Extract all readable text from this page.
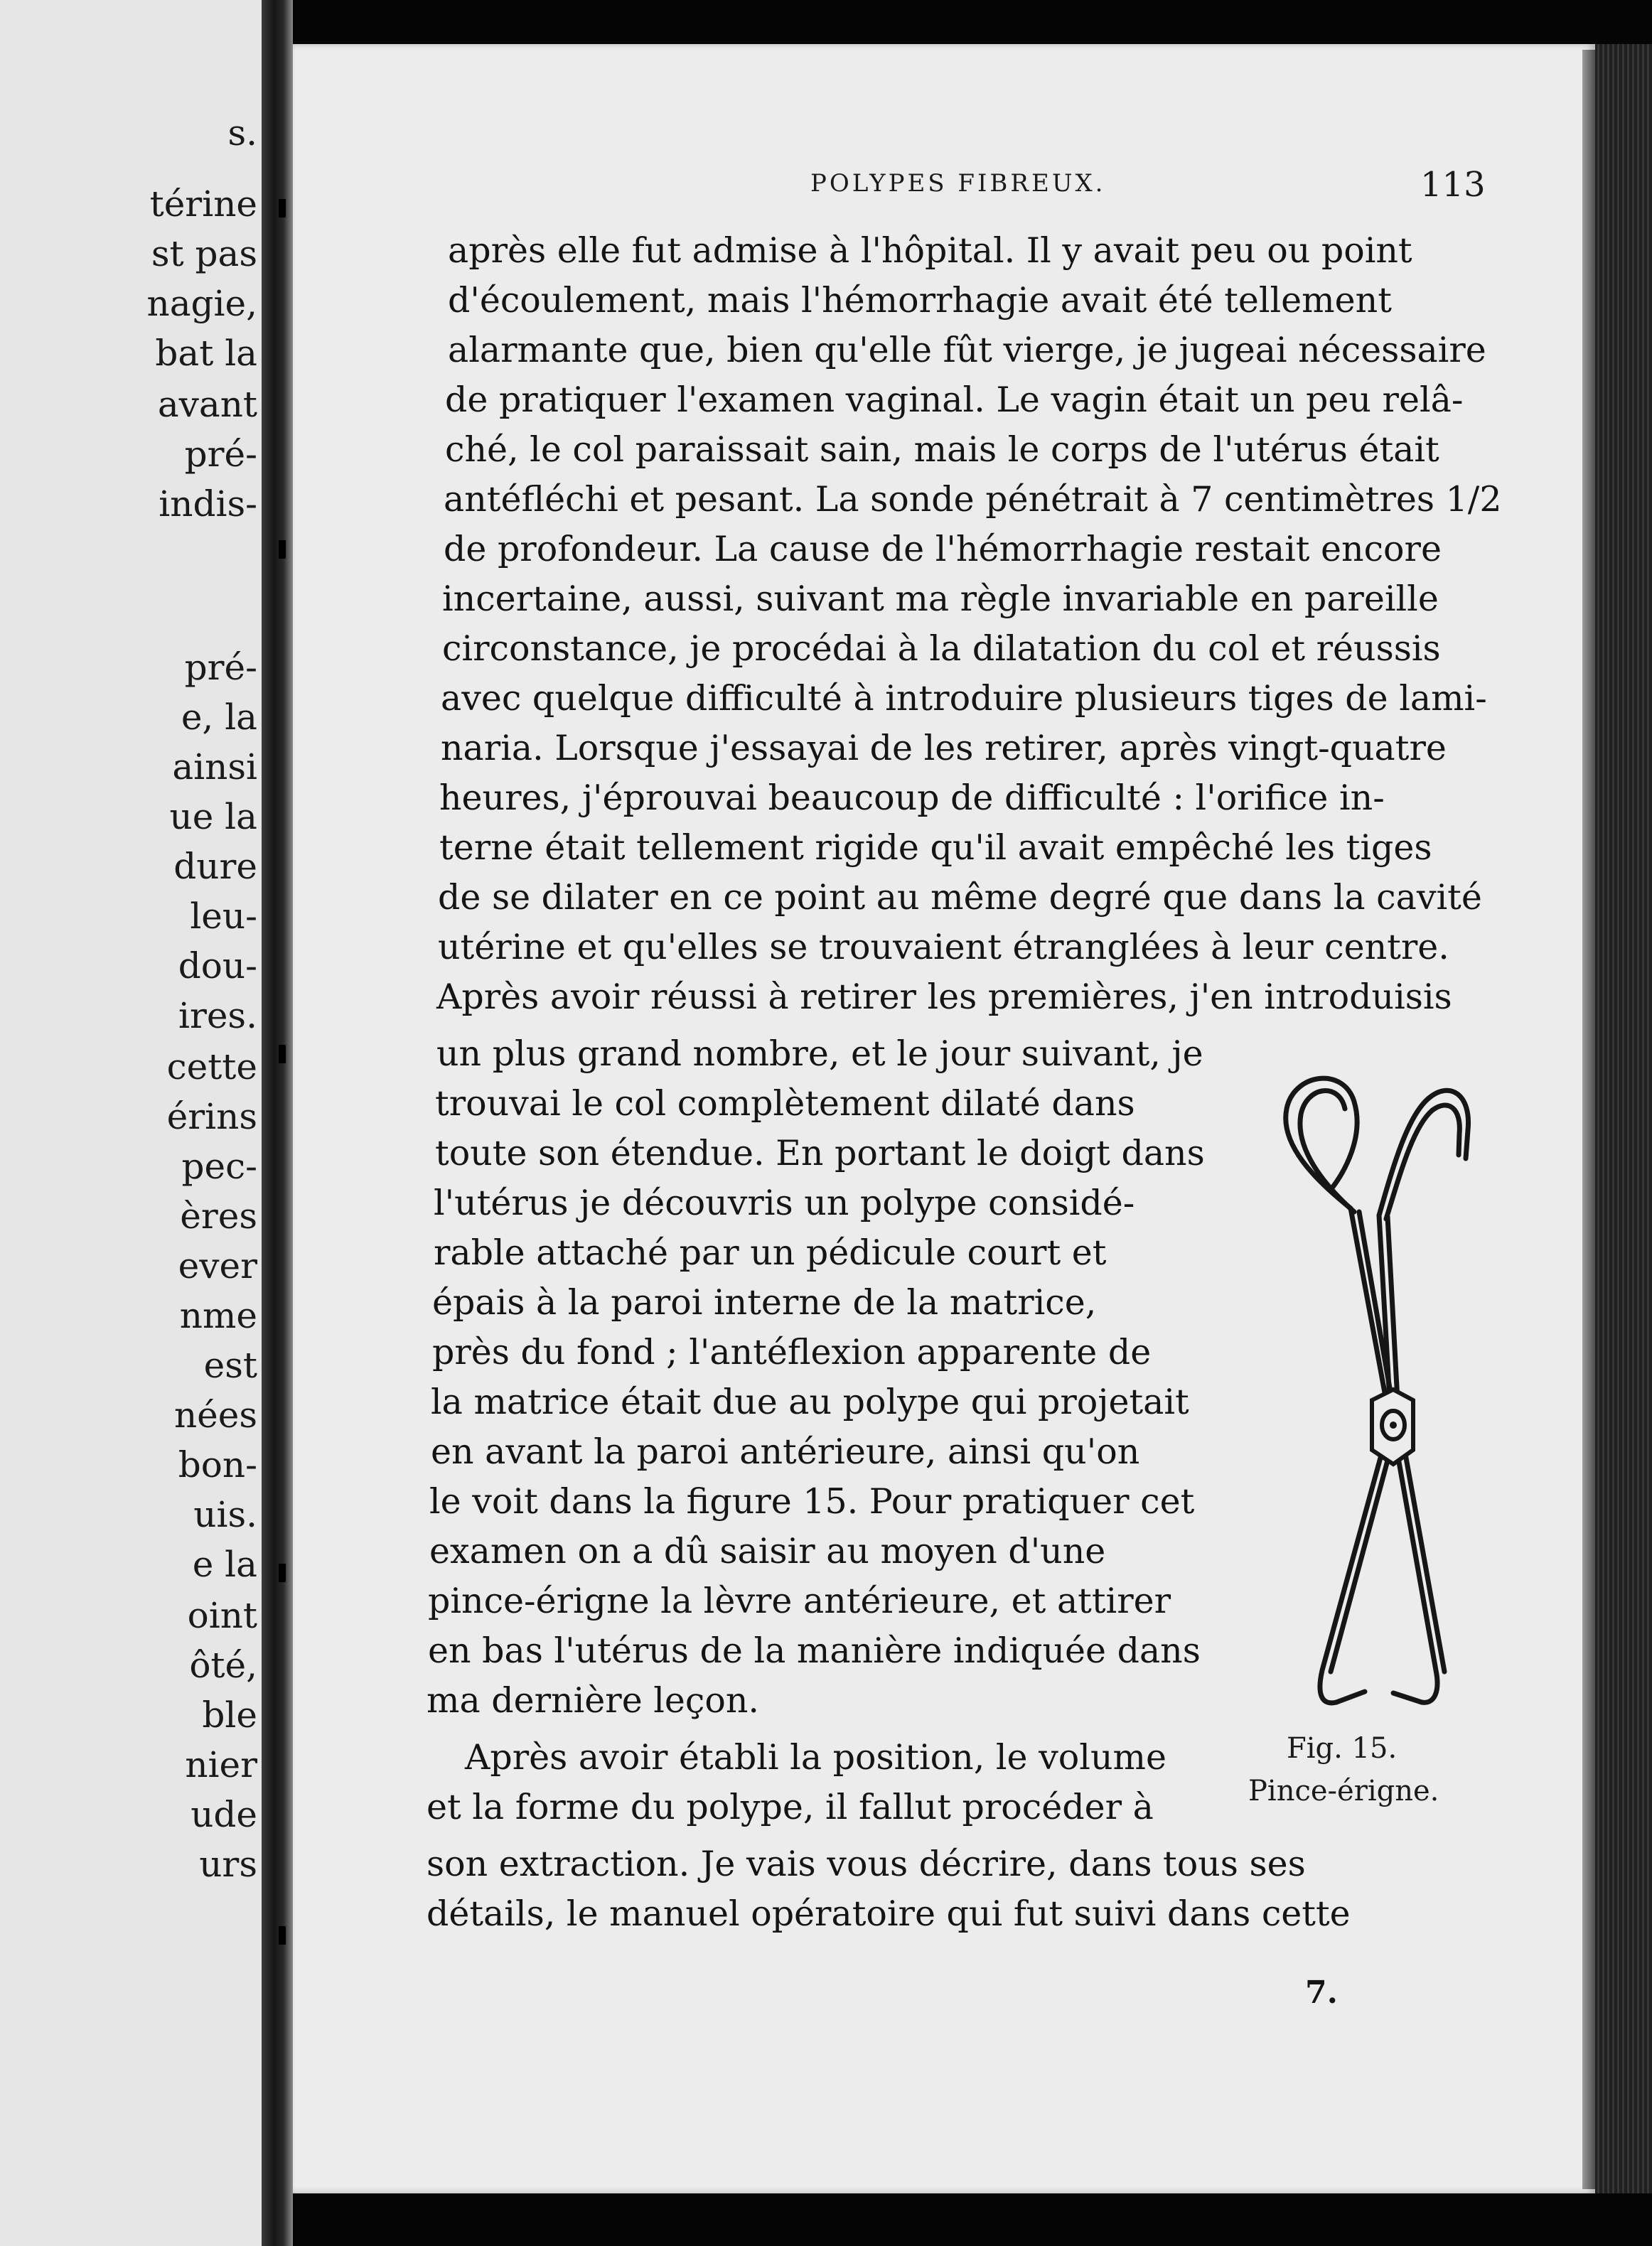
s.
térine
st pas
nagie,
bat la
avant
pré-
indis-
pré-
e, la
ainsi
ue la
dure
leu-
dou-
ires.
cette
érins
pec-
ères
ever
nme
est
nées
bon-
uis.
e la
oint
ôté,
ble
nier
ude
urs
POLYPES FIBREUX.	113
après elle fut admise à l'hôpital. Il y avait peu ou point
d'écoulement, mais l'hémorrhagie avait été tellement
alarmante que, bien qu'elle fût vierge, je jugeai nécessaire
de pratiquer l'examen vaginal. Le vagin était un peu relâ-
ché, le col paraissait sain, mais le corps de l'utérus était
antéfléchi et pesant. La sonde pénétrait à 7 centimètres 1/2
de profondeur. La cause de l'hémorrhagie restait encore
incertaine, aussi, suivant ma règle invariable en pareille
circonstance, je procédai à la dilatation du col et réussis
avec quelque difficulté à introduire plusieurs tiges de lami-
naria. Lorsque j'essayai de les retirer, après vingt-quatre
heures, j'éprouvai beaucoup de difficulté : l'orifice in-
terne était tellement rigide qu'il avait empêché les tiges
de se dilater en ce point au même degré que dans la cavité
utérine et qu'elles se trouvaient étranglées à leur centre.
Après avoir réussi à retirer les premières, j'en introduisis
un plus grand nombre, et le jour suivant, je
trouvai le col complètement dilaté dans
toute son étendue. En portant le doigt dans
l'utérus je découvris un polype considé-
rable attaché par un pédicule court et
épais à la paroi interne de la matrice,
près du fond ; l'antéflexion apparente de
la matrice était due au polype qui projetait
en avant la paroi antérieure, ainsi qu'on
le voit dans la figure 15. Pour pratiquer cet
examen on a dû saisir au moyen d'une
pince-érigne la lèvre antérieure, et attirer
en bas l'utérus de la manière indiquée dans
ma dernière leçon.
Après avoir établi la position, le volume
et la forme du polype, il fallut procéder à
son extraction. Je vais vous décrire, dans tous ses
détails, le manuel opératoire qui fut suivi dans cette
Fig. 15.
Pince-érigne.
7.
